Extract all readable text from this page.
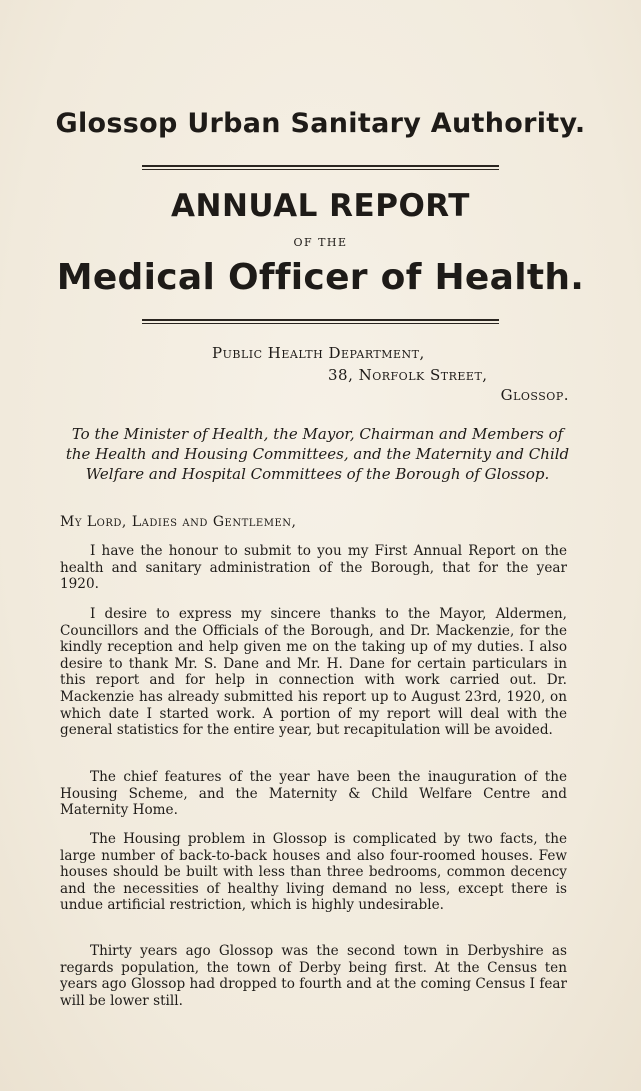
Glossop Urban Sanitary Authority.
ANNUAL REPORT
OF THE
Medical Officer of Health.
Public Health Department,
38, Norfolk Street,
Glossop.
To the Minister of Health, the Mayor, Chairman and Members of the Health and Housing Committees, and the Maternity and Child Welfare and Hospital Committees of the Borough of Glossop.
My Lord, Ladies and Gentlemen,

I have the honour to submit to you my First Annual Report on the health and sanitary administration of the Borough, that for the year 1920.

I desire to express my sincere thanks to the Mayor, Aldermen, Councillors and the Officials of the Borough, and Dr. Mackenzie, for the kindly reception and help given me on the taking up of my duties. I also desire to thank Mr. S. Dane and Mr. H. Dane for certain particulars in this report and for help in connection with work carried out. Dr. Mackenzie has already submitted his report up to August 23rd, 1920, on which date I started work. A portion of my report will deal with the general statistics for the entire year, but recapitulation will be avoided.

The chief features of the year have been the inauguration of the Housing Scheme, and the Maternity & Child Welfare Centre and Maternity Home.

The Housing problem in Glossop is complicated by two facts, the large number of back-to-back houses and also four-roomed houses. Few houses should be built with less than three bedrooms, common decency and the necessities of healthy living demand no less, except there is undue artificial restriction, which is highly undesirable.

Thirty years ago Glossop was the second town in Derbyshire as regards population, the town of Derby being first. At the Census ten years ago Glossop had dropped to fourth and at the coming Census I fear will be lower still.
